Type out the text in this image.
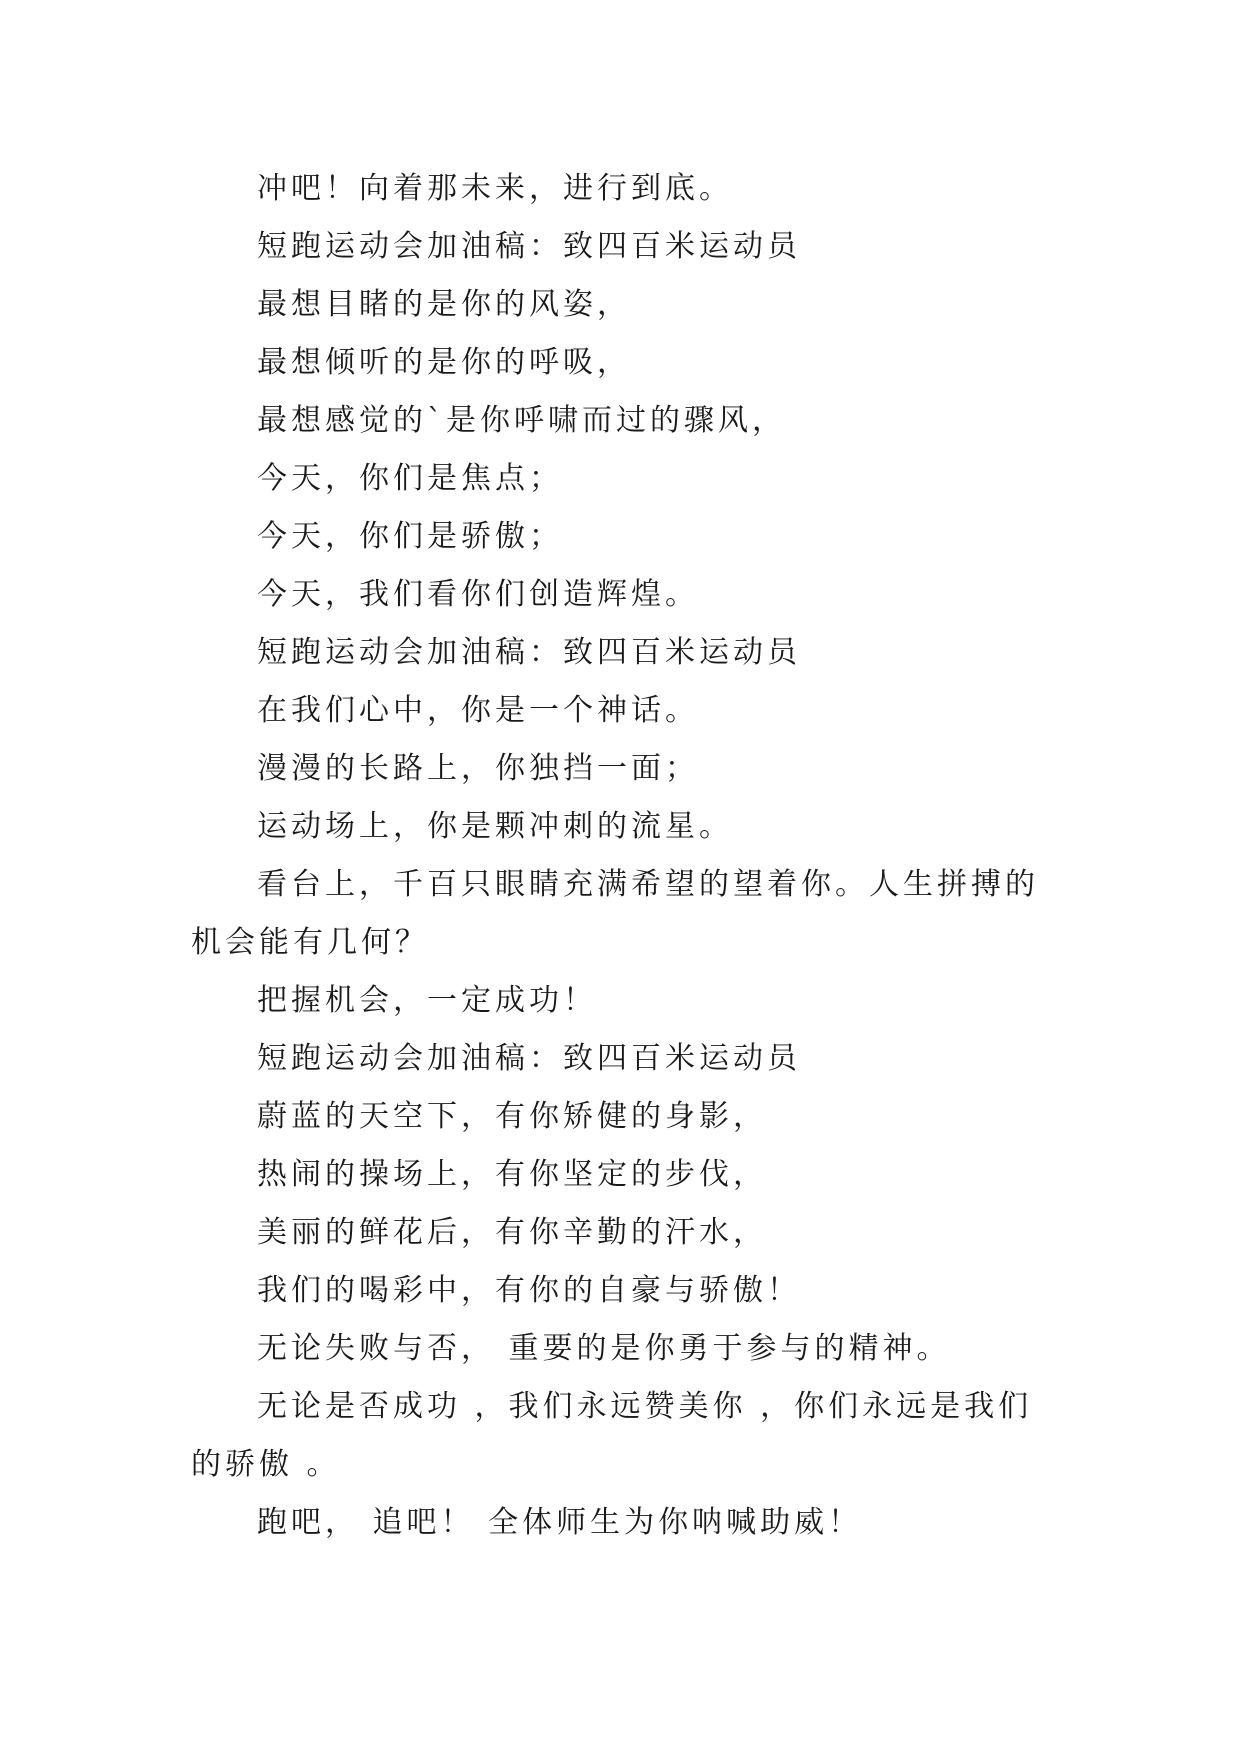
冲吧！向着那未来，进行到底。

短跑运动会加油稿：致四百米运动员

最想目睹的是你的风姿，

最想倾听的是你的呼吸，

最想感觉的`是你呼啸而过的骤风，

今天，你们是焦点；

今天，你们是骄傲；

今天，我们看你们创造辉煌。

短跑运动会加油稿：致四百米运动员

在我们心中，你是一个神话。

漫漫的长路上，你独挡一面；

运动场上，你是颗冲刺的流星。

看台上，千百只眼睛充满希望的望着你。人生拼搏的机会能有几何？

把握机会，一定成功！

短跑运动会加油稿：致四百米运动员

蔚蓝的天空下，有你矫健的身影，

热闹的操场上，有你坚定的步伐，

美丽的鲜花后，有你辛勤的汗水，

我们的喝彩中，有你的自豪与骄傲！

无论失败与否， 重要的是你勇于参与的精神。

无论是否成功 ，我们永远赞美你 ，你们永远是我们的骄傲 。

跑吧， 追吧！ 全体师生为你呐喊助威！
